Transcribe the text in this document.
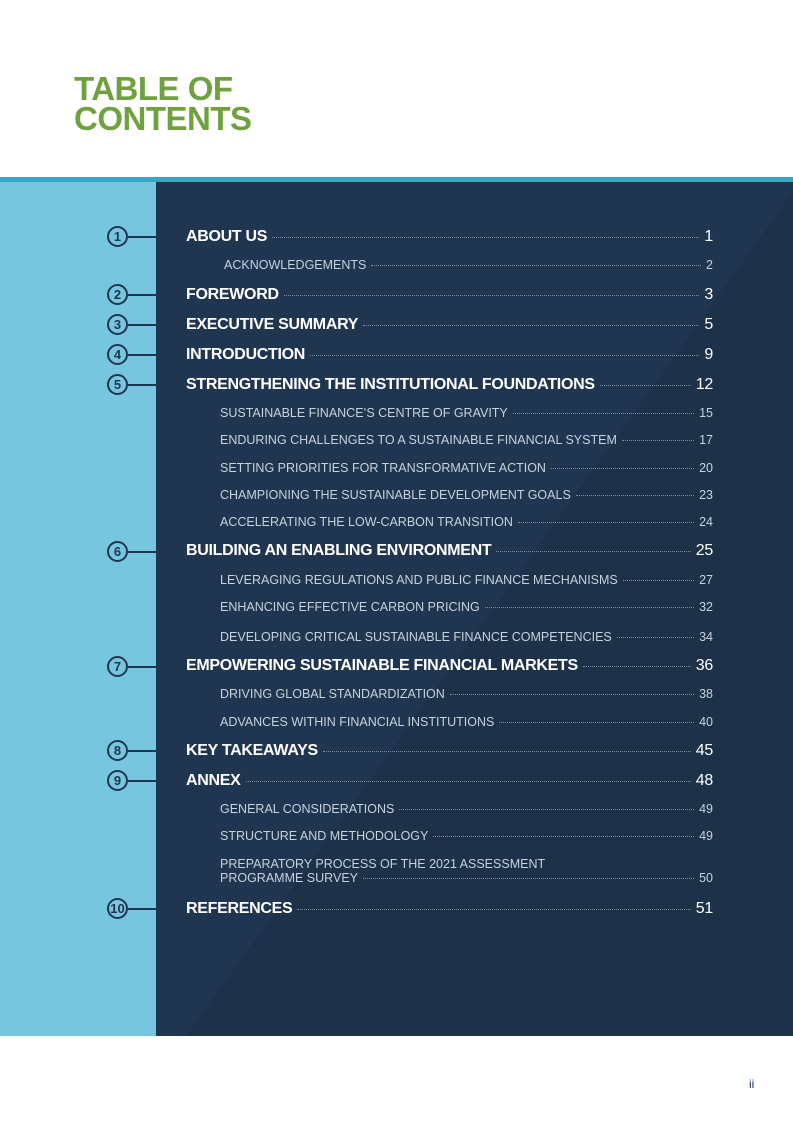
TABLE OF
CONTENTS
1	ABOUT US	1
ACKNOWLEDGEMENTS	2
2	FOREWORD	3
3	EXECUTIVE SUMMARY	5
4	INTRODUCTION	9
5	STRENGTHENING THE INSTITUTIONAL FOUNDATIONS	12
SUSTAINABLE FINANCE’S CENTRE OF GRAVITY	15
ENDURING CHALLENGES TO A SUSTAINABLE FINANCIAL SYSTEM	17
SETTING PRIORITIES FOR TRANSFORMATIVE ACTION	20
CHAMPIONING THE SUSTAINABLE DEVELOPMENT GOALS	23
ACCELERATING THE LOW-CARBON TRANSITION	24
6	BUILDING AN ENABLING ENVIRONMENT	25
LEVERAGING REGULATIONS AND PUBLIC FINANCE MECHANISMS	27
ENHANCING EFFECTIVE CARBON PRICING	32
DEVELOPING CRITICAL SUSTAINABLE FINANCE COMPETENCIES	34
7	EMPOWERING SUSTAINABLE FINANCIAL MARKETS	36
DRIVING GLOBAL STANDARDIZATION	38
ADVANCES WITHIN FINANCIAL INSTITUTIONS	40
8	KEY TAKEAWAYS	45
9	ANNEX	48
GENERAL CONSIDERATIONS	49
STRUCTURE AND METHODOLOGY	49
PREPARATORY PROCESS OF THE 2021 ASSESSMENT
PROGRAMME SURVEY	50
10	REFERENCES	51
ii
